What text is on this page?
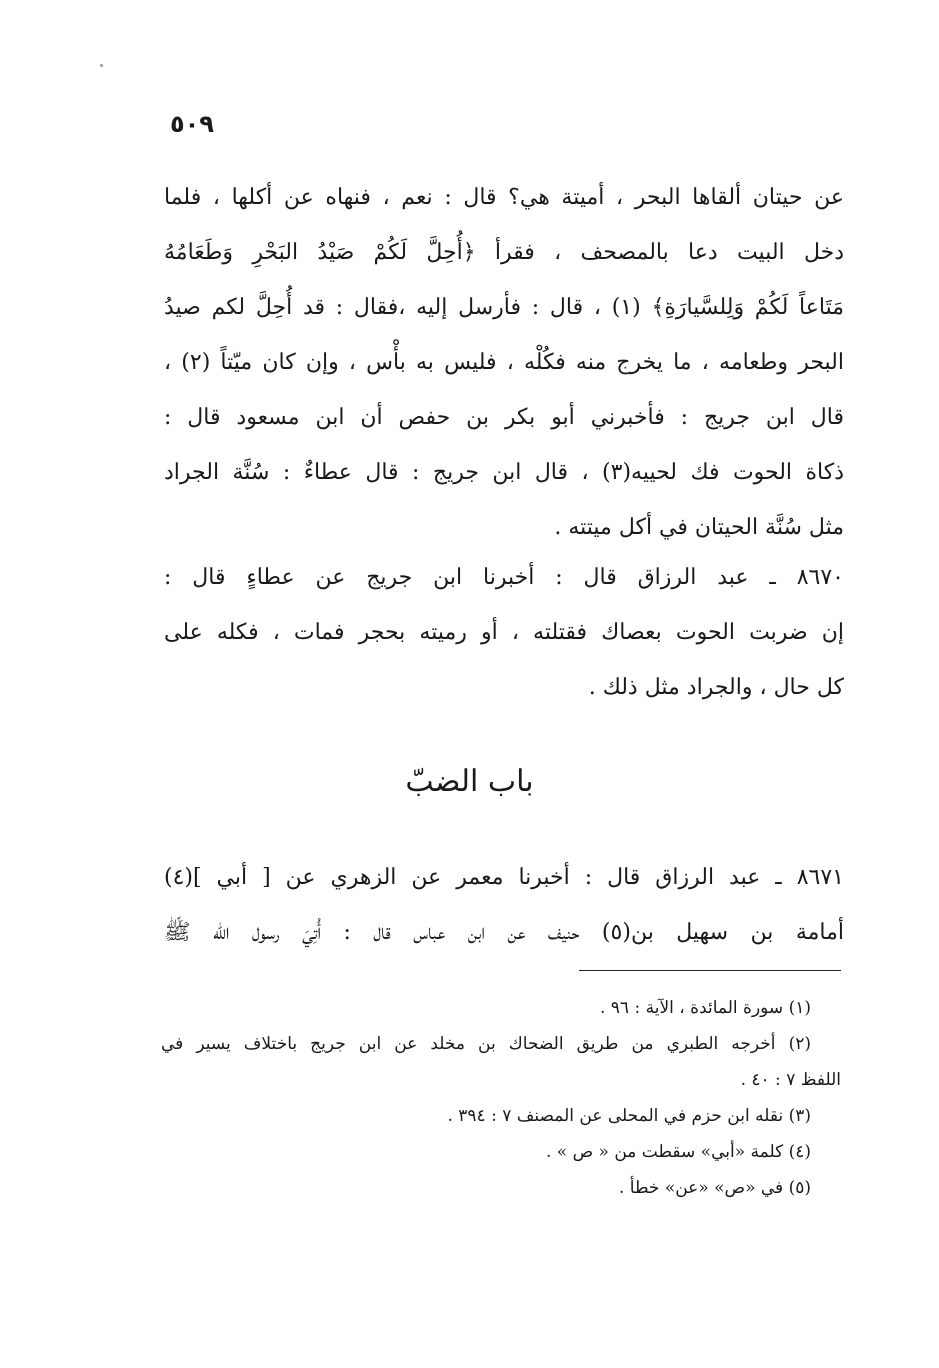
٥٠٩
عن حيتان ألقاها البحر ، أميتة هي؟ قال : نعم ، فنهاه عن أكلها ، فلما
دخل البيت دعا بالمصحف ، فقرأ ﴿أُحِلَّ لَكُمْ صَيْدُ البَحْرِ وَطَعَامُهُ
مَتَاعاً لَكُمْ وَلِلسَّيارَةِ﴾ (١) ، قال : فأرسل إليه ،فقال : قد أُحِلَّ لكم صيدُ
البحر وطعامه ، ما يخرج منه فكُلْه ، فليس به بأْس ، وإن كان ميّتاً (٢) ،
قال ابن جريج : فأخبرني أبو بكر بن حفص أن ابن مسعود قال :
ذكاة الحوت فك لحييه(٣) ، قال ابن جريج : قال عطاءٌ : سُنَّة الجراد
مثل سُنَّة الحيتان في أكل ميتته .
٨٦٧٠ ـ عبد الرزاق قال : أخبرنا ابن جريج عن عطاءٍ قال :
إن ضربت الحوت بعصاك فقتلته ، أو رميته بحجر فمات ، فكله على
كل حال ، والجراد مثل ذلك .
باب الضبّ
٨٦٧١ ـ عبد الرزاق قال : أخبرنا معمر عن الزهري عن [ أبي ](٤)
أمامة بن سهيل بن(٥) حنيف عن ابن عباس قال : أُتِيَ رسول الله ﷺ
(١) سورة المائدة ، الآية : ٩٦ .
(٢) أخرجه الطبري من طريق الضحاك بن مخلد عن ابن جريج باختلاف يسير في
اللفظ ٧ : ٤٠ .
(٣) نقله ابن حزم في المحلى عن المصنف ٧ : ٣٩٤ .
(٤) كلمة «أبي» سقطت من « ص » .
(٥) في «ص» «عن» خطأ .
